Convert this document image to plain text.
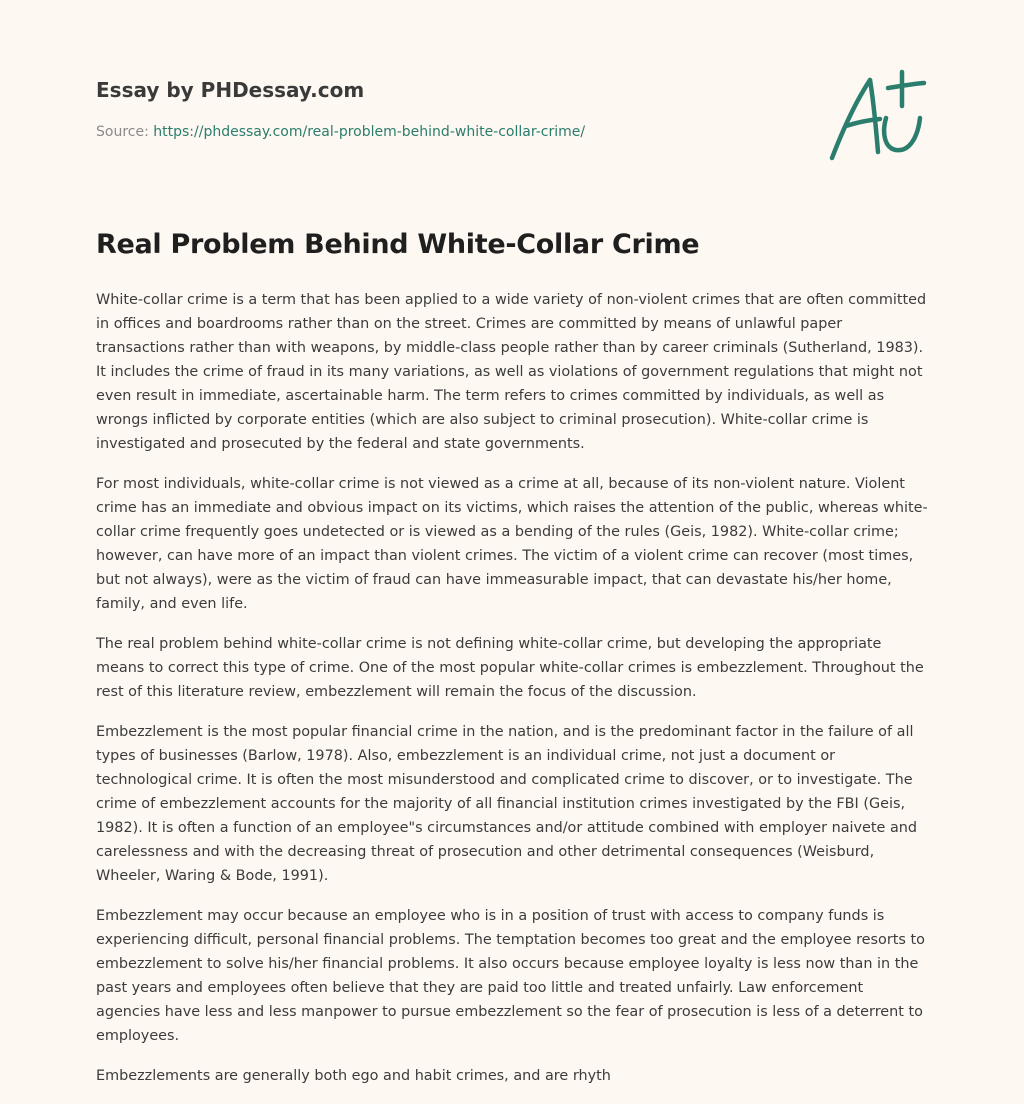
Essay by PHDessay.com
Source: https://phdessay.com/real-problem-behind-white-collar-crime/
Real Problem Behind White-Collar Crime

White-collar crime is a term that has been applied to a wide variety of non-violent crimes that are often committed in offices and boardrooms rather than on the street. Crimes are committed by means of unlawful paper transactions rather than with weapons, by middle-class people rather than by career criminals (Sutherland, 1983). It includes the crime of fraud in its many variations, as well as violations of government regulations that might not even result in immediate, ascertainable harm. The term refers to crimes committed by individuals, as well as wrongs inflicted by corporate entities (which are also subject to criminal prosecution). White-collar crime is investigated and prosecuted by the federal and state governments.

For most individuals, white-collar crime is not viewed as a crime at all, because of its non-violent nature. Violent crime has an immediate and obvious impact on its victims, which raises the attention of the public, whereas white-collar crime frequently goes undetected or is viewed as a bending of the rules (Geis, 1982). White-collar crime; however, can have more of an impact than violent crimes. The victim of a violent crime can recover (most times, but not always), were as the victim of fraud can have immeasurable impact, that can devastate his/her home, family, and even life.

The real problem behind white-collar crime is not defining white-collar crime, but developing the appropriate means to correct this type of crime. One of the most popular white-collar crimes is embezzlement. Throughout the rest of this literature review, embezzlement will remain the focus of the discussion.

Embezzlement is the most popular financial crime in the nation, and is the predominant factor in the failure of all types of businesses (Barlow, 1978). Also, embezzlement is an individual crime, not just a document or technological crime. It is often the most misunderstood and complicated crime to discover, or to investigate. The crime of embezzlement accounts for the majority of all financial institution crimes investigated by the FBI (Geis, 1982). It is often a function of an employee"s circumstances and/or attitude combined with employer naivete and carelessness and with the decreasing threat of prosecution and other detrimental consequences (Weisburd, Wheeler, Waring & Bode, 1991).

Embezzlement may occur because an employee who is in a position of trust with access to company funds is experiencing difficult, personal financial problems. The temptation becomes too great and the employee resorts to embezzlement to solve his/her financial problems. It also occurs because employee loyalty is less now than in the past years and employees often believe that they are paid too little and treated unfairly. Law enforcement agencies have less and less manpower to pursue embezzlement so the fear of prosecution is less of a deterrent to employees.

Embezzlements are generally both ego and habit crimes, and are rhyth
